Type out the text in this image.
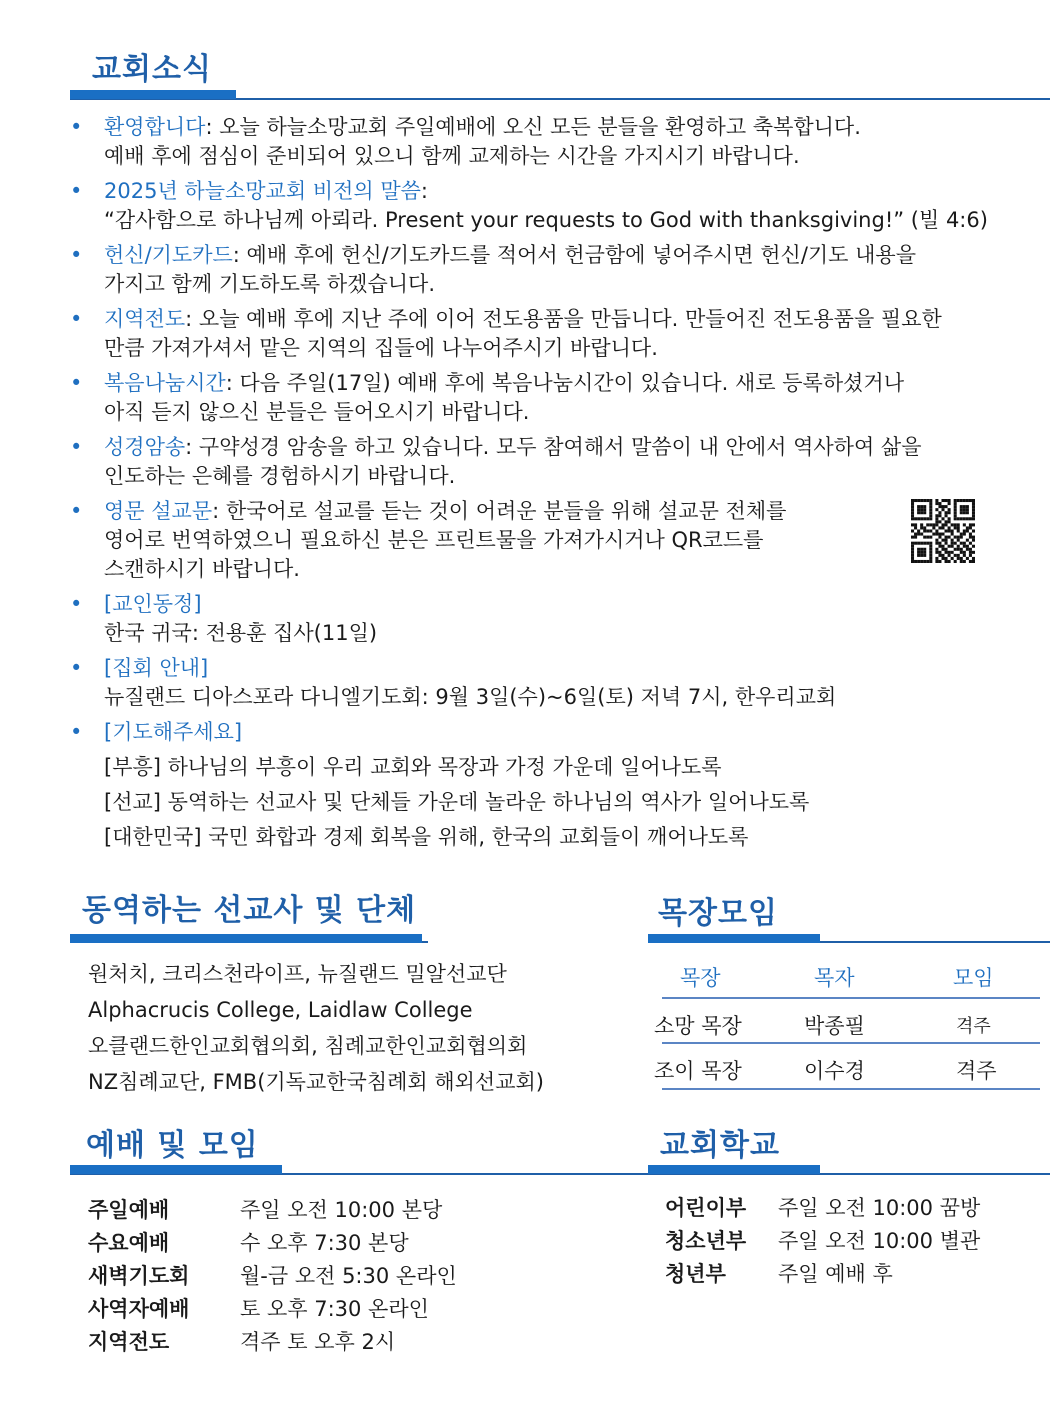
교회소식
• 환영합니다: 오늘 하늘소망교회 주일예배에 오신 모든 분들을 환영하고 축복합니다.
예배 후에 점심이 준비되어 있으니 함께 교제하는 시간을 가지시기 바랍니다.
• 2025년 하늘소망교회 비전의 말씀:
“감사함으로 하나님께 아뢰라. Present your requests to God with thanksgiving!” (빌 4:6)
• 헌신/기도카드: 예배 후에 헌신/기도카드를 적어서 헌금함에 넣어주시면 헌신/기도 내용을
가지고 함께 기도하도록 하겠습니다.
• 지역전도: 오늘 예배 후에 지난 주에 이어 전도용품을 만듭니다. 만들어진 전도용품을 필요한
만큼 가져가셔서 맡은 지역의 집들에 나누어주시기 바랍니다.
• 복음나눔시간: 다음 주일(17일) 예배 후에 복음나눔시간이 있습니다. 새로 등록하셨거나
아직 듣지 않으신 분들은 들어오시기 바랍니다.
• 성경암송: 구약성경 암송을 하고 있습니다. 모두 참여해서 말씀이 내 안에서 역사하여 삶을
인도하는 은혜를 경험하시기 바랍니다.
• 영문 설교문: 한국어로 설교를 듣는 것이 어려운 분들을 위해 설교문 전체를
영어로 번역하였으니 필요하신 분은 프린트물을 가져가시거나 QR코드를
스캔하시기 바랍니다.
• [교인동정]
한국 귀국: 전용훈 집사(11일)
• [집회 안내]
뉴질랜드 디아스포라 다니엘기도회: 9월 3일(수)~6일(토) 저녁 7시, 한우리교회
• [기도해주세요]
[부흥] 하나님의 부흥이 우리 교회와 목장과 가정 가운데 일어나도록
[선교] 동역하는 선교사 및 단체들 가운데 놀라운 하나님의 역사가 일어나도록
[대한민국] 국민 화합과 경제 회복을 위해, 한국의 교회들이 깨어나도록
동역하는 선교사 및 단체
원처치, 크리스천라이프, 뉴질랜드 밀알선교단
Alphacrucis College, Laidlaw College
오클랜드한인교회협의회, 침례교한인교회협의회
NZ침례교단, FMB(기독교한국침례회 해외선교회)
목장모임
목장	목자	모임
소망 목장	박종필	격주
조이 목장	이수경	격주
예배 및 모임
주일예배	주일 오전 10:00 본당
수요예배	수 오후 7:30 본당
새벽기도회 월-금 오전 5:30 온라인
사역자예배 토 오후 7:30 온라인
지역전도	격주 토 오후 2시
교회학교
어린이부 주일 오전 10:00 꿈방
청소년부 주일 오전 10:00 별관
청년부 주일 예배 후
